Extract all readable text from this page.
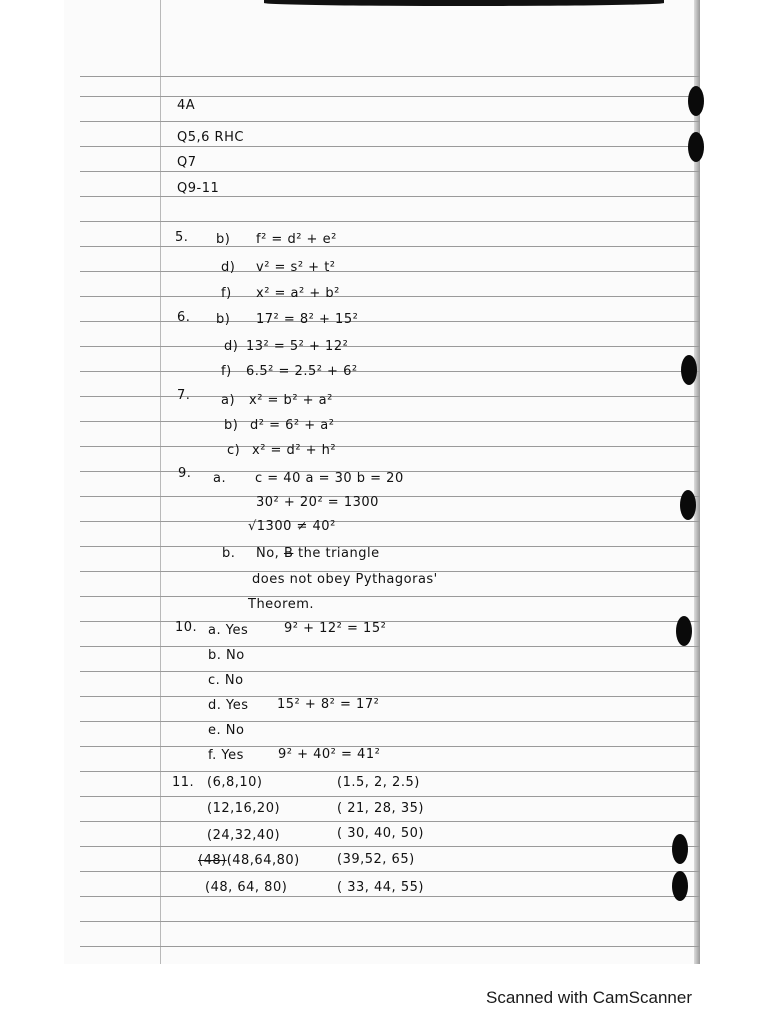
4A
Q5,6 RHC
Q7
Q9-11
5. b) f² = d² + e²
d) v² = s² + t²
f) x² = a² + b²
6. b) 17² = 8² + 15²
d) 13² = 5² + 12²
f) 6.5² = 2.5² + 6²
7. a) x² = b² + a²
b) d² = 6² + a²
c) x² = d² + h²
9. a. c = 40 a = 30 b = 20
30² + 20² = 1300
√1300 ≠ 40²
b. No, B the triangle
does not obey Pythagoras'
Theorem.
10. a. Yes	9² + 12² = 15²
b. No
c. No
d. Yes 15² + 8² = 17²
e. No
f. Yes	9² + 40² = 41²
11. (6,8,10)
(12,16,20)
(24,32,40)
(48)(48,64,80)
(48, 64, 80)
(1.5, 2, 2.5)
( 21, 28, 35)
( 30, 40, 50)
(39,52, 65)
( 33, 44, 55)
Scanned with CamScanner
